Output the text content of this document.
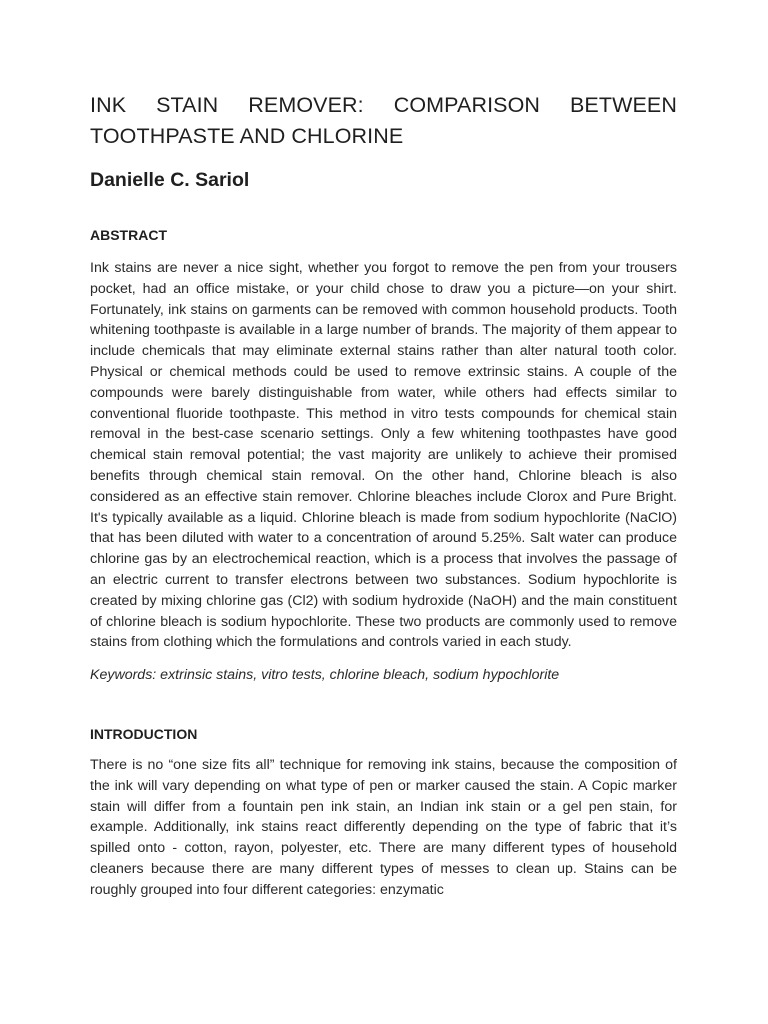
INK STAIN REMOVER: COMPARISON BETWEEN TOOTHPASTE AND CHLORINE
Danielle C. Sariol
ABSTRACT

Ink stains are never a nice sight, whether you forgot to remove the pen from your trousers pocket, had an office mistake, or your child chose to draw you a picture—on your shirt. Fortunately, ink stains on garments can be removed with common household products. Tooth whitening toothpaste is available in a large number of brands. The majority of them appear to include chemicals that may eliminate external stains rather than alter natural tooth color. Physical or chemical methods could be used to remove extrinsic stains. A couple of the compounds were barely distinguishable from water, while others had effects similar to conventional fluoride toothpaste. This method in vitro tests compounds for chemical stain removal in the best-case scenario settings. Only a few whitening toothpastes have good chemical stain removal potential; the vast majority are unlikely to achieve their promised benefits through chemical stain removal. On the other hand, Chlorine bleach is also considered as an effective stain remover. Chlorine bleaches include Clorox and Pure Bright. It's typically available as a liquid. Chlorine bleach is made from sodium hypochlorite (NaClO) that has been diluted with water to a concentration of around 5.25%. Salt water can produce chlorine gas by an electrochemical reaction, which is a process that involves the passage of an electric current to transfer electrons between two substances. Sodium hypochlorite is created by mixing chlorine gas (Cl2) with sodium hydroxide (NaOH) and the main constituent of chlorine bleach is sodium hypochlorite. These two products are commonly used to remove stains from clothing which the formulations and controls varied in each study.

Keywords: extrinsic stains, vitro tests, chlorine bleach, sodium hypochlorite

INTRODUCTION

There is no “one size fits all” technique for removing ink stains, because the composition of the ink will vary depending on what type of pen or marker caused the stain. A Copic marker stain will differ from a fountain pen ink stain, an Indian ink stain or a gel pen stain, for example. Additionally, ink stains react differently depending on the type of fabric that it’s spilled onto - cotton, rayon, polyester, etc. There are many different types of household cleaners because there are many different types of messes to clean up. Stains can be roughly grouped into four different categories: enzymatic
